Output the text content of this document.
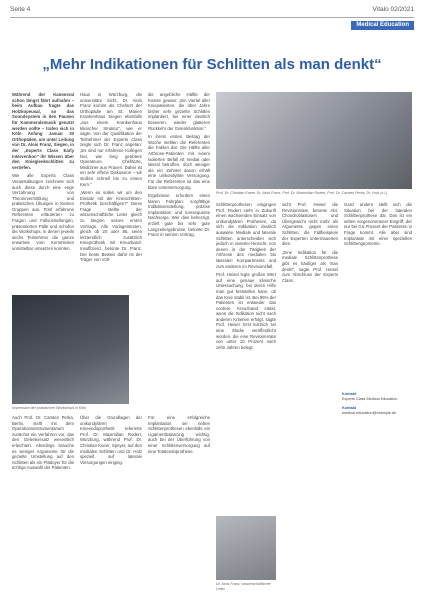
Seite 4	Vitalo 02/2021
Medical Education
„Mehr Indikationen für Schlitten als man denkt“

Während der Kammeral schon längst fährt aufnahm – beim Aufbau fragte das Holzkopeusal, so das Soundsystem in den Pausen für Kammeralsmusik genutzt werden sollte – trafen sich in Köln Anfang Januar 30 Orthopäden, um unter Leitung von Dr. Alois Franz, Siegen, in der „Experts Class Early Intervention“ ihr Wissen über den Knieglenkschlitten zu vertiefen.

Wie alle Experts Class Veranstaltungen zeichnete sich auch diese durch eine enge Verzahnung von Theorievermittlung und praktischen Übungen in kleinen Gruppen aus. Fünf erfahrene Referenten erläuterten zu Fragen und Fallvorstellungen, präsentierten Fälle und schufen die Workshops, in denen jeweils sechs Teilnehmer die ganze erwartete vom Kemmleiren unmittelbar umsetzen konnten.

Haus in Würzburg, die universitäre Sicht, Dr. Alois Franz kommt als Chefarzt der Orthopädie am St. Marien Krankenhaus Siegen ebenfalls „aus einem Krankenhaus klinischer Struktur“, wie er sagte. Von der Qualifikation der Teilnehmer der Experts Class zeigte sich Dr. Franz angetan: „Es sind nur erfahrene Kollegen hier, wie lang geübtere Operateure. Chefärzte, Mediziner aus Praxen. Daher ist ein sehr offene Diskussion – wir stoßen schnell bis zu einem Kern.“

„Wenn es sollen wir um den Einsatz mit der Knieschlitten-Prothetik beschäftigen?“ Diese Frage stellte der wissenschaftliche Leiter gleich zu Beginn seines ersten Vortrags. Alle Vorlagentexten, gleich ob 20 oder 85, seien letztendlich zusätzlich Knieprothetik mit Kreuzband-Insuffizienz, betonte Dr. Franz. Der beste Beweis dafür ist der Träger von Voll-

die angebliche Hälfte der Kosten gewiss: „Ein Viertel aller Kniepatienten, die über Jahre bisher sehr gezielte Schlitten implantiert, bei einer deutlich besseren, wieder glatteren Rückkehr der Gelenkfunktion.“

In ihrem ersten Beitrag der Woche stellten die Referenten die Fakten dar: Die Hälfte aller Arthrose-Patienten mit einem isolierten Befall ist medial oder lateral betroffen, doch weniger als ein Zehntel davon erhält eine unikondyläre Versorgung. Für die Referenten ist das eine klare Unterversorgung.

Ergebnisse erfordern einen klaren Fahrplan: sorgfältige Indikationsstellung, präzise Implantation und konsequente Nachsorge. Wer dies beherzigt, erzielt gute bis sehr gute Langzeitergebnisse, betonte Dr. Franz in seinem Vortrag.

Prof. Dr. Christian Kneer, Dr. Alois Franz, Prof. Dr. Maximilian Rudert, Prof. Dr. Carsten Perka, Dr. Holz (v.l.)
Impression der praktischen Workshops in Köln

Auch Prof. Dr. Carsten Perka, Berlin, stellt mit dem Operationsinstrumentarium zunächst ein Verfahren vor, das den Gelenkersatz wesentlich erleichtert. Allerdings brauche es weniger Argumente für die gezielte Umstellung auf den Schlitten als ein Plädoyer für die richtige Auswahl der Patienten.

Über die Grundlagen der unikondylären Knieendoprothetik referierte Prof. Dr. Maximilian Rudert, Würzburg, während Prof. Dr. Christian Kneer, Speyer, auf den medialen Schlitten und Dr. Holz speziell auf laterale Versorgungen einging.

Für eine erfolgreiche Implantation sei neben Schlittenprothesen ebenfalls ein Ligamentbalancing wichtig, auch bei der Überführung von einer Schlittenversorgung auf eine Totalendoprothese.

Schlittenprothesen eingingen Prof. Rudert sieht in Zukunft einen wachsenden Einsatz von unikondylären Prothesen, da sich die Indikation deutlich ausweite. Mediale und laterale Schlitten unterscheiden sich jedoch in vielerlei Hinsicht, von denen in der Tätigkeit der Arthrose des medialen bis lateralen Kompartments und zum anderen im Revisionsfall.

Prof. Heisel legte großen Wert auf eine genaue klinische Untersuchung, bei deren Hilfe man gut feststellen kann, ob das Knie stabil ist. Bei 95% der Patienten ist entweder das vordere Kreuzband intakt, wenn die Indikation nicht nach anderen Kriterien erfolgt, sagte Prof. Heisel. Erst kürzlich sei eine Studie veröffentlicht worden, die eine Revisionsrate von unter 10 Prozent nach zehn Jahren belegt.

sicht Prof. Heisel die Revisionsrate, betonte Abt. Chondroblastosen und Übergewicht nicht mehr als Argumente gegen einen Schlitten, die Fallbeispiele der Experten untermauerten dies.

„Eine Indikation für die mediale Schlittenprothese gibt es häufiger als man denkt“, sagte Prof. Heisel zum Abschluss der Experts Class.

Ganz anders stellt sich die Situation bei der lateralen Schlittenprothese dar. Das ist ein selten vorgenommener Eingriff, der nur bei 0,6 Prozent der Patienten in Frage kommt. Alle aber sind Implantate mit einer speziellen Schlittengeometrie.

Kontakt
Experts Class Medical Education
Kontakt
medical.education@example.de
Dr. Alois Franz, wissenschaftlicher Leiter
